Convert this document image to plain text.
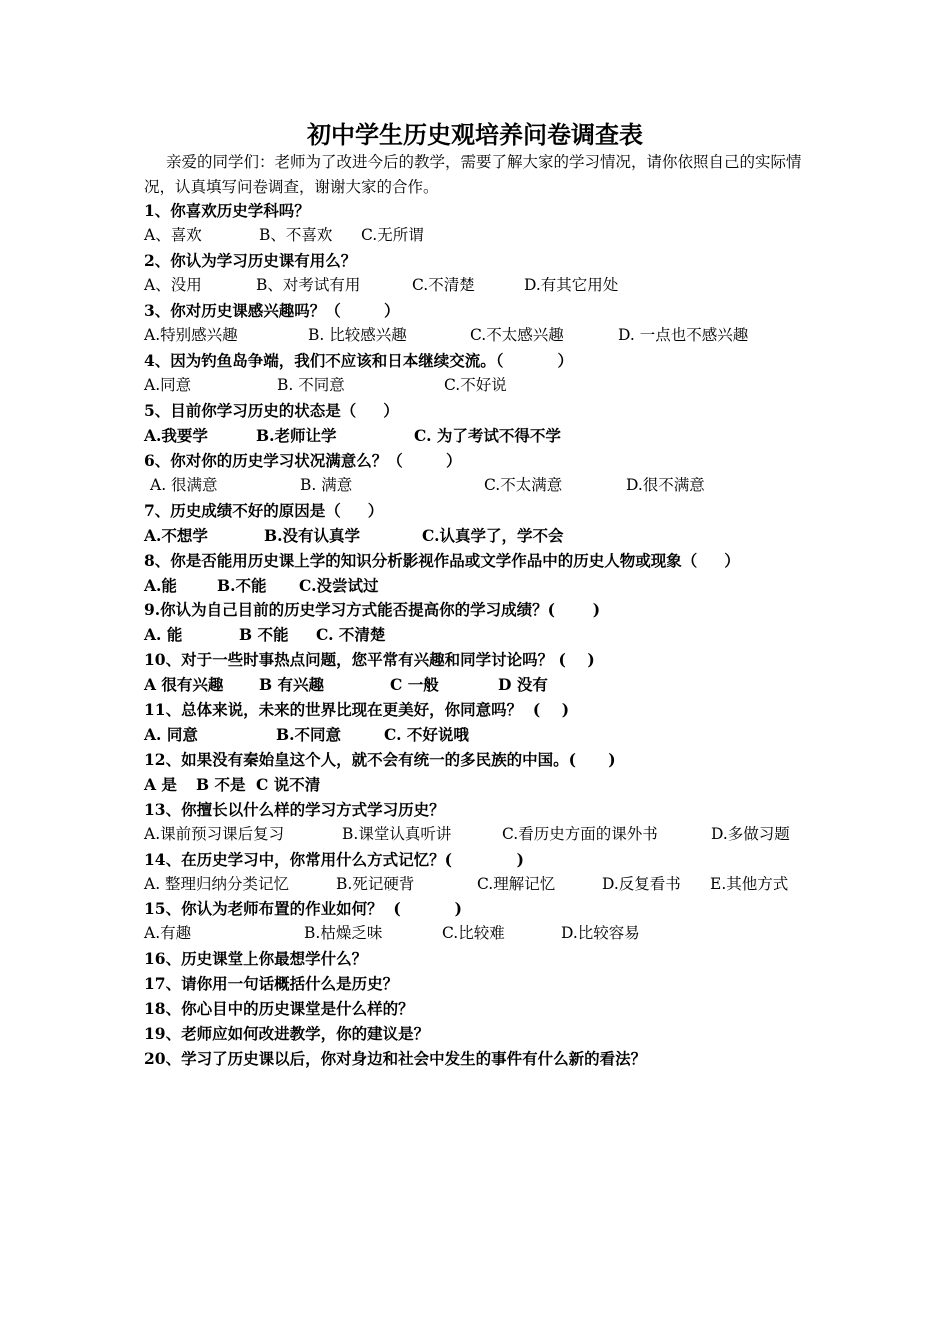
初中学生历史观培养问卷调查表
亲爱的同学们：老师为了改进今后的教学，需要了解大家的学习情况，请你依照自己的实际情况，认真填写问卷调查，谢谢大家的合作。
1、你喜欢历史学科吗？
A、喜欢	B、不喜欢 C.无所谓
2、你认为学习历史课有用么？
A、没用	B、对考试有用	C.不清楚	D.有其它用处
3、你对历史课感兴趣吗？（        ）
A.特别感兴趣	B. 比较感兴趣	C.不太感兴趣	D. 一点也不感兴趣
4、因为钓鱼岛争端，我们不应该和日本继续交流。（          ）
A.同意	B. 不同意	C.不好说
5、目前你学习历史的状态是（     ）
A.我要学	B.老师让学	C. 为了考试不得不学
6、你对你的历史学习状况满意么？（        ）
A. 很满意	B. 满意	C.不太满意	D.很不满意
7、历史成绩不好的原因是（     ）
A.不想学	B.没有认真学	C.认真学了，学不会
8、你是否能用历史课上学的知识分析影视作品或文学作品中的历史人物或现象（     ）
A.能	B.不能 C.没尝试过
9.你认为自己目前的历史学习方式能否提高你的学习成绩？(       )
A. 能	B 不能 C. 不清楚
10、对于一些时事热点问题，您平常有兴趣和同学讨论吗？ (    )
A 很有兴趣 B 有兴趣	C 一般	D 没有
11、总体来说，未来的世界比现在更美好，你同意吗？  (    )
A. 同意	B.不同意	C. 不好说哦
12、如果没有秦始皇这个人，就不会有统一的多民族的中国。(      )
A 是 B 不是 C 说不清
13、你擅长以什么样的学习方式学习历史？
A.课前预习课后复习	B.课堂认真听讲	C.看历史方面的课外书	D.多做习题
14、在历史学习中，你常用什么方式记忆？(            )
A. 整理归纳分类记忆	B.死记硬背	C.理解记忆	D.反复看书 E.其他方式
15、你认为老师布置的作业如何？  (          )
A.有趣	B.枯燥乏味	C.比较难	D.比较容易
16、历史课堂上你最想学什么？
17、请你用一句话概括什么是历史？
18、你心目中的历史课堂是什么样的？
19、老师应如何改进教学，你的建议是？
20、学习了历史课以后，你对身边和社会中发生的事件有什么新的看法？
